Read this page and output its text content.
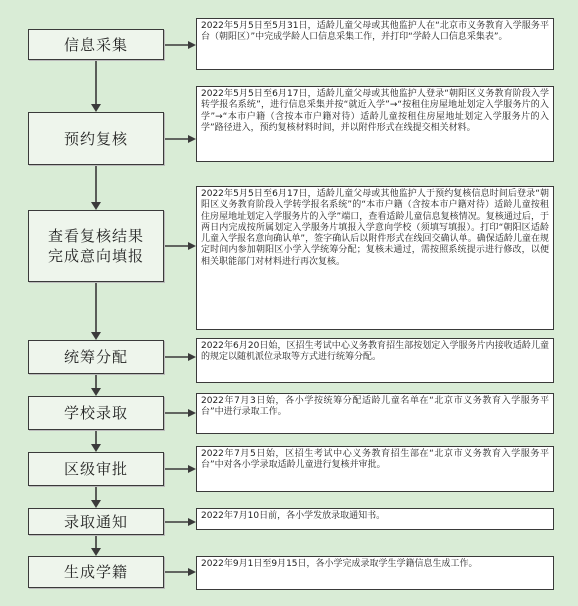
信息采集
2022年5月5日至5月31日，适龄儿童父母或其他监护人在“北京市义务教育入学服务平台（朝阳区）”中完成学龄人口信息采集工作，并打印“学龄人口信息采集表”。
预约复核
2022年5月5日至6月17日，适龄儿童父母或其他监护人登录“朝阳区义务教育阶段入学转学报名系统”，进行信息采集并按“就近入学”→“按租住房屋地址划定入学服务片的入学”→“本市户籍（含按本市户籍对待）适龄儿童按租住房屋地址划定入学服务片的入学”路径进入，预约复核材料时间，并以附件形式在线提交相关材料。
查看复核结果
完成意向填报
2022年5月5日至6月17日，适龄儿童父母或其他监护人于预约复核信息时间后登录“朝阳区义务教育阶段入学转学报名系统”的“本市户籍（含按本市户籍对待）适龄儿童按租住房屋地址划定入学服务片的入学”端口，查看适龄儿童信息复核情况。复核通过后，于两日内完成按所属划定入学服务片填报入学意向学校（须填写填报）。打印“朝阳区适龄儿童入学报名意向确认单”，签字确认后以附件形式在线回交确认单。确保适龄儿童在规定时间内参加朝阳区小学入学统筹分配；复核未通过，需按照系统提示进行修改，以便相关职能部门对材料进行再次复核。
统筹分配
2022年6月20日始，区招生考试中心义务教育招生部按划定入学服务片内接收适龄儿童的规定以随机派位录取等方式进行统筹分配。
学校录取
2022年7月3日始，各小学按统筹分配适龄儿童名单在“北京市义务教育入学服务平台”中进行录取工作。
区级审批
2022年7月5日始，区招生考试中心义务教育招生部在“北京市义务教育入学服务平台”中对各小学录取适龄儿童进行复核并审批。
录取通知	2022年7月10日前，各小学发放录取通知书。
生成学籍	2022年9月1日至9月15日，各小学完成录取学生学籍信息生成工作。
